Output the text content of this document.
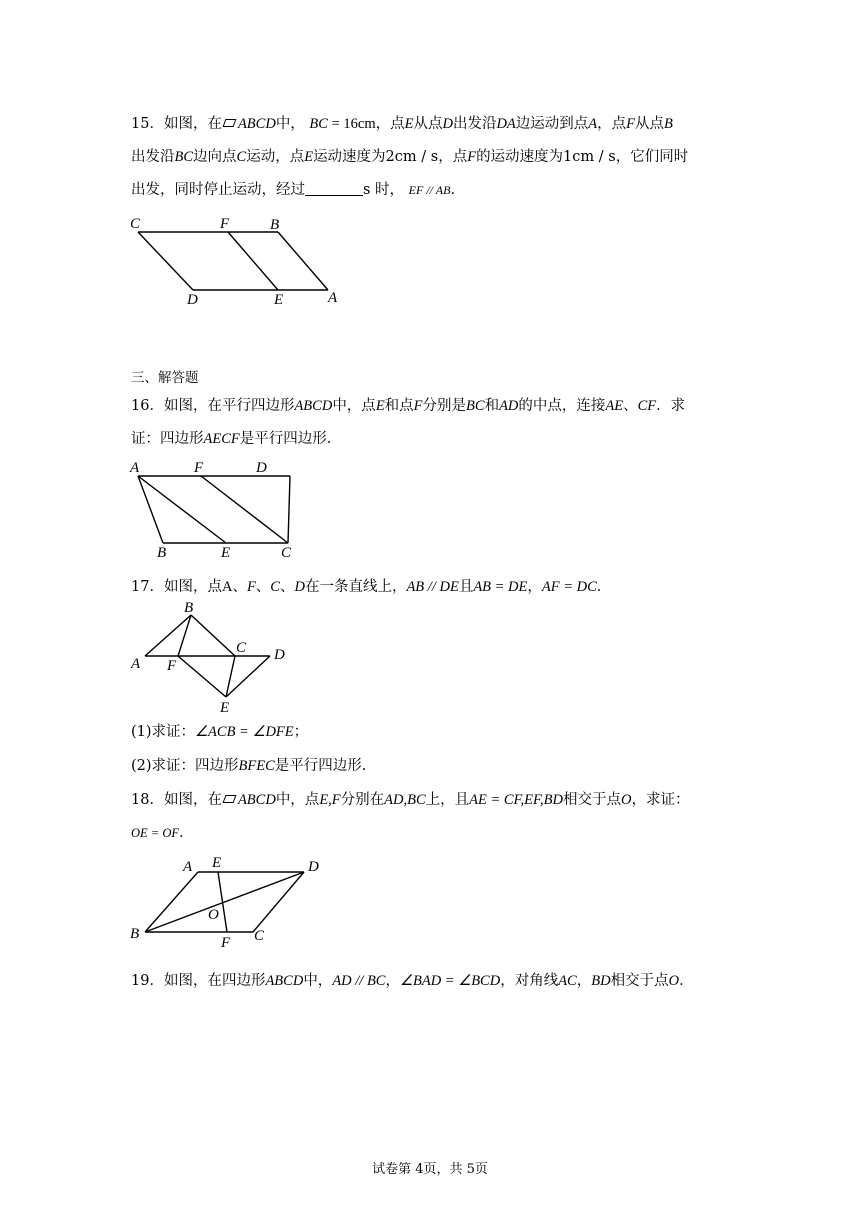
15．如图，在 ABCD中， BC = 16cm，点E从点D出发沿DA边运动到点A，点F从点B
出发沿BC边向点C运动，点E运动速度为2cm / s，点F的运动速度为1cm / s，它们同时
出发，同时停止运动，经过	s 时， EF // AB．
C	F	B
D	E	A
三、解答题
16．如图，在平行四边形ABCD中，点E和点F分别是BC和AD的中点，连接AE、CF．求
证：四边形AECF是平行四边形.
A	F	D
B	E	C
17．如图，点A、F、C、D在一条直线上，AB // DE且AB = DE，AF = DC．
B
C D
A F
E
(1)求证：∠ACB = ∠DFE；
(2)求证：四边形BFEC是平行四边形.
18．如图，在 ABCD中，点E,F分别在AD,BC上，且AE = CF,EF,BD相交于点O，求证：
OE = OF．
A E	D
O
B
F C
19．如图，在四边形ABCD中，AD // BC，∠BAD = ∠BCD，对角线AC，BD相交于点O．
试卷第 4页，共 5页
